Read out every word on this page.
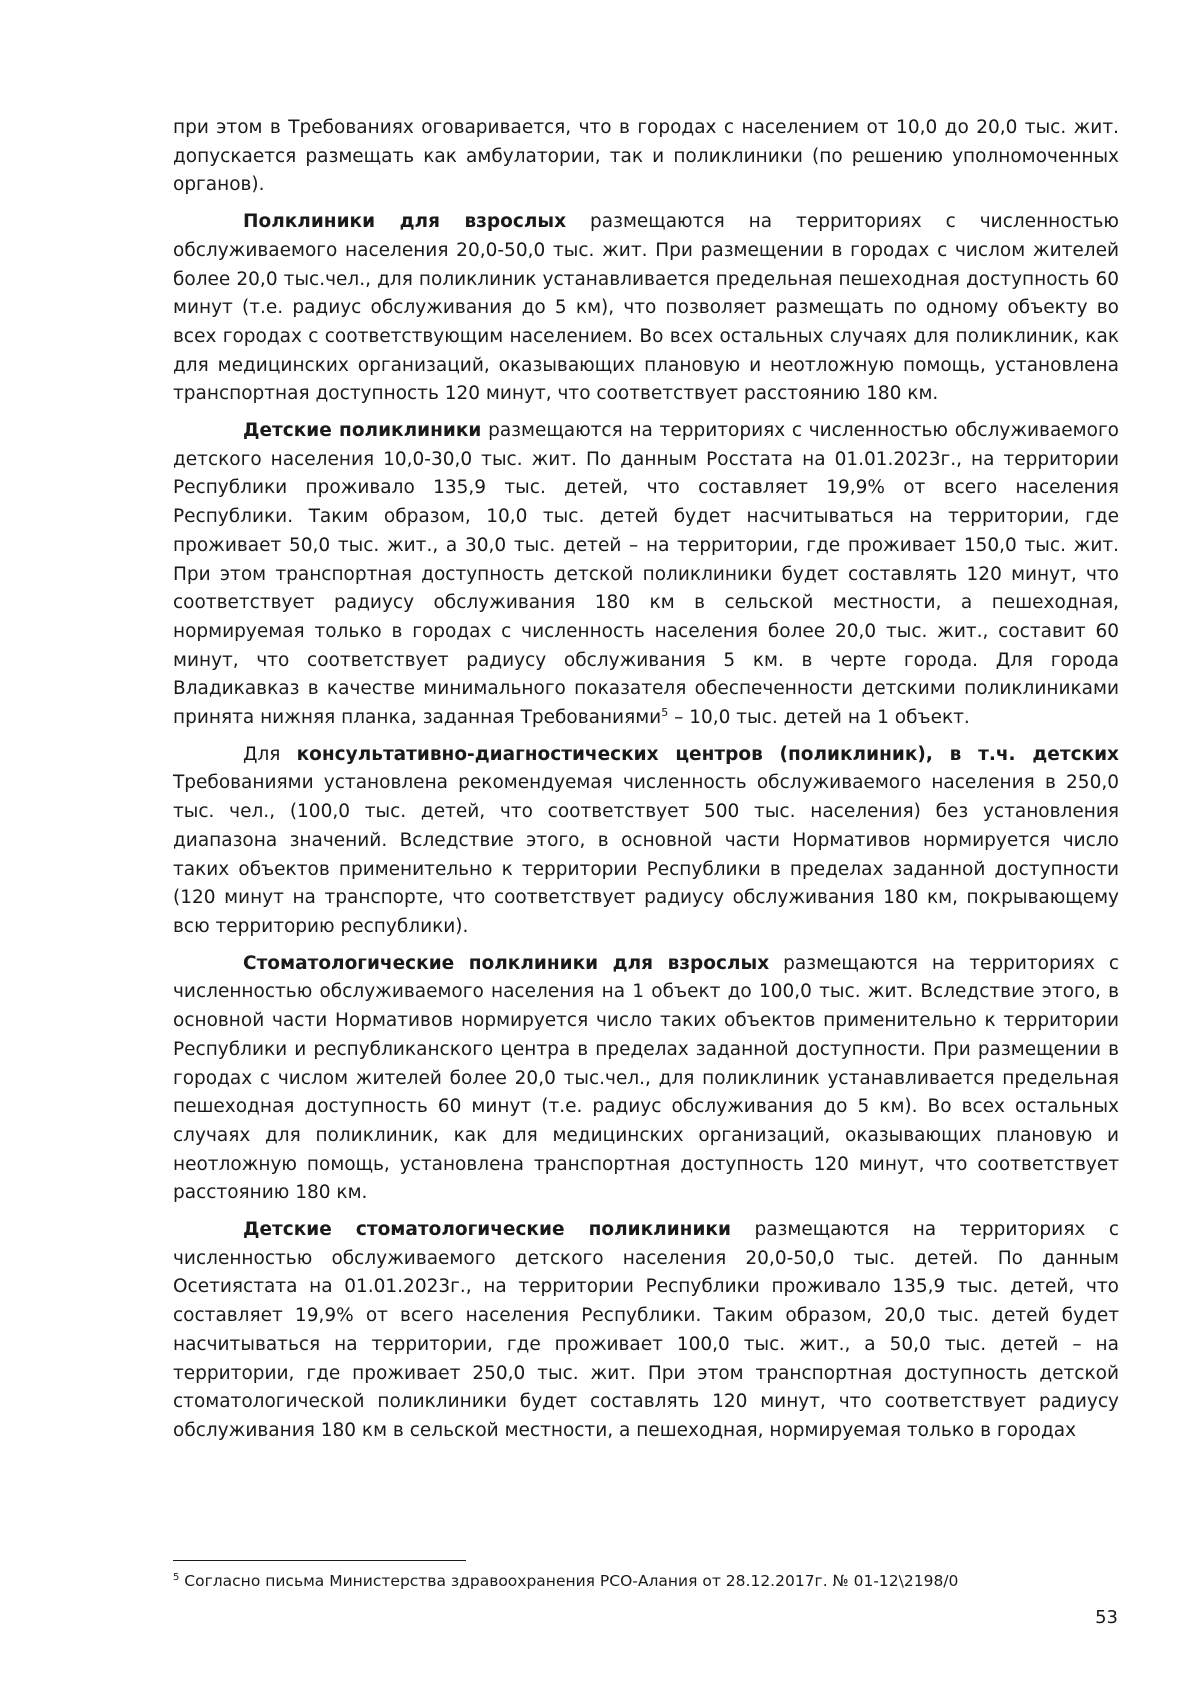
при этом в Требованиях оговаривается, что в городах с населением от 10,0 до 20,0 тыс. жит. допускается размещать как амбулатории, так и поликлиники (по решению уполномоченных органов).

Полклиники для взрослых размещаются на территориях с численностью обслуживаемого населения 20,0-50,0 тыс. жит. При размещении в городах с числом жителей более 20,0 тыс.чел., для поликлиник устанавливается предельная пешеходная доступность 60 минут (т.е. радиус обслуживания до 5 км), что позволяет размещать по одному объекту во всех городах с соответствующим населением. Во всех остальных случаях для поликлиник, как для медицинских организаций, оказывающих плановую и неотложную помощь, установлена транспортная доступность 120 минут, что соответствует расстоянию 180 км.

Детские поликлиники размещаются на территориях с численностью обслуживаемого детского населения 10,0-30,0 тыс. жит. По данным Росстата на 01.01.2023г., на территории Республики проживало 135,9 тыс. детей, что составляет 19,9% от всего населения Республики. Таким образом, 10,0 тыс. детей будет насчитываться на территории, где проживает 50,0 тыс. жит., а 30,0 тыс. детей – на территории, где проживает 150,0 тыс. жит. При этом транспортная доступность детской поликлиники будет составлять 120 минут, что соответствует радиусу обслуживания 180 км в сельской местности, а пешеходная, нормируемая только в городах с численность населения более 20,0 тыс. жит., составит 60 минут, что соответствует радиусу обслуживания 5 км. в черте города. Для города Владикавказ в качестве минимального показателя обеспеченности детскими поликлиниками принята нижняя планка, заданная Требованиями$^5$ – 10,0 тыс. детей на 1 объект.

Для консультативно-диагностических центров (поликлиник), в т.ч. детских Требованиями установлена рекомендуемая численность обслуживаемого населения в 250,0 тыс. чел., (100,0 тыс. детей, что соответствует 500 тыс. населения) без установления диапазона значений. Вследствие этого, в основной части Нормативов нормируется число таких объектов применительно к территории Республики в пределах заданной доступности (120 минут на транспорте, что соответствует радиусу обслуживания 180 км, покрывающему всю территорию республики).

Стоматологические полклиники для взрослых размещаются на территориях с численностью обслуживаемого населения на 1 объект до 100,0 тыс. жит. Вследствие этого, в основной части Нормативов нормируется число таких объектов применительно к территории Республики и республиканского центра в пределах заданной доступности. При размещении в городах с числом жителей более 20,0 тыс.чел., для поликлиник устанавливается предельная пешеходная доступность 60 минут (т.е. радиус обслуживания до 5 км). Во всех остальных случаях для поликлиник, как для медицинских организаций, оказывающих плановую и неотложную помощь, установлена транспортная доступность 120 минут, что соответствует расстоянию 180 км.

Детские стоматологические поликлиники размещаются на территориях с численностью обслуживаемого детского населения 20,0-50,0 тыс. детей. По данным Осетиястата на 01.01.2023г., на территории Республики проживало 135,9 тыс. детей, что составляет 19,9% от всего населения Республики. Таким образом, 20,0 тыс. детей будет насчитываться на территории, где проживает 100,0 тыс. жит., а 50,0 тыс. детей – на территории, где проживает 250,0 тыс. жит. При этом транспортная доступность детской стоматологической поликлиники будет составлять 120 минут, что соответствует радиусу обслуживания 180 км в сельской местности, а пешеходная, нормируемая только в городах

$^5$ Согласно письма Министерства здравоохранения РСО-Алания от 28.12.2017г. № 01-12\2198/0
53
